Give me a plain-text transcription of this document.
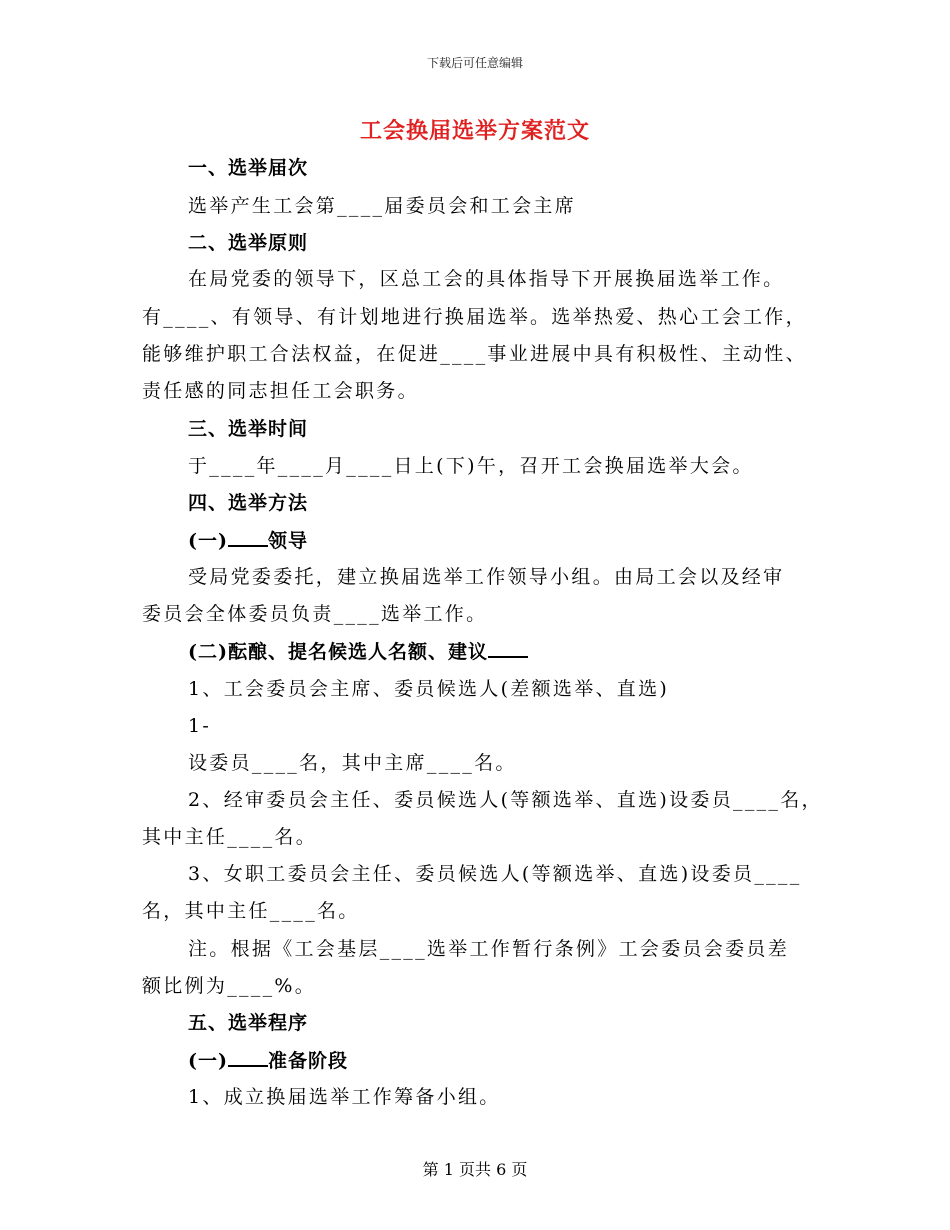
下载后可任意编辑
工会换届选举方案范文
一、选举届次
选举产生工会第____届委员会和工会主席
二、选举原则
在局党委的领导下，区总工会的具体指导下开展换届选举工作。
有____、有领导、有计划地进行换届选举。选举热爱、热心工会工作，
能够维护职工合法权益，在促进____事业进展中具有积极性、主动性、
责任感的同志担任工会职务。
三、选举时间
于____年____月____日上(下)午，召开工会换届选举大会。
四、选举方法
(一) 领导
受局党委委托，建立换届选举工作领导小组。由局工会以及经审
委员会全体委员负责____选举工作。
(二)酝酿、提名候选人名额、建议
1、工会委员会主席、委员候选人(差额选举、直选)
1-
设委员____名，其中主席____名。
2、经审委员会主任、委员候选人(等额选举、直选)设委员____名，
其中主任____名。
3、女职工委员会主任、委员候选人(等额选举、直选)设委员____
名，其中主任____名。
注。根据《工会基层____选举工作暂行条例》工会委员会委员差
额比例为____%。
五、选举程序
(一) 准备阶段
1、成立换届选举工作筹备小组。
第 1 页共 6 页
